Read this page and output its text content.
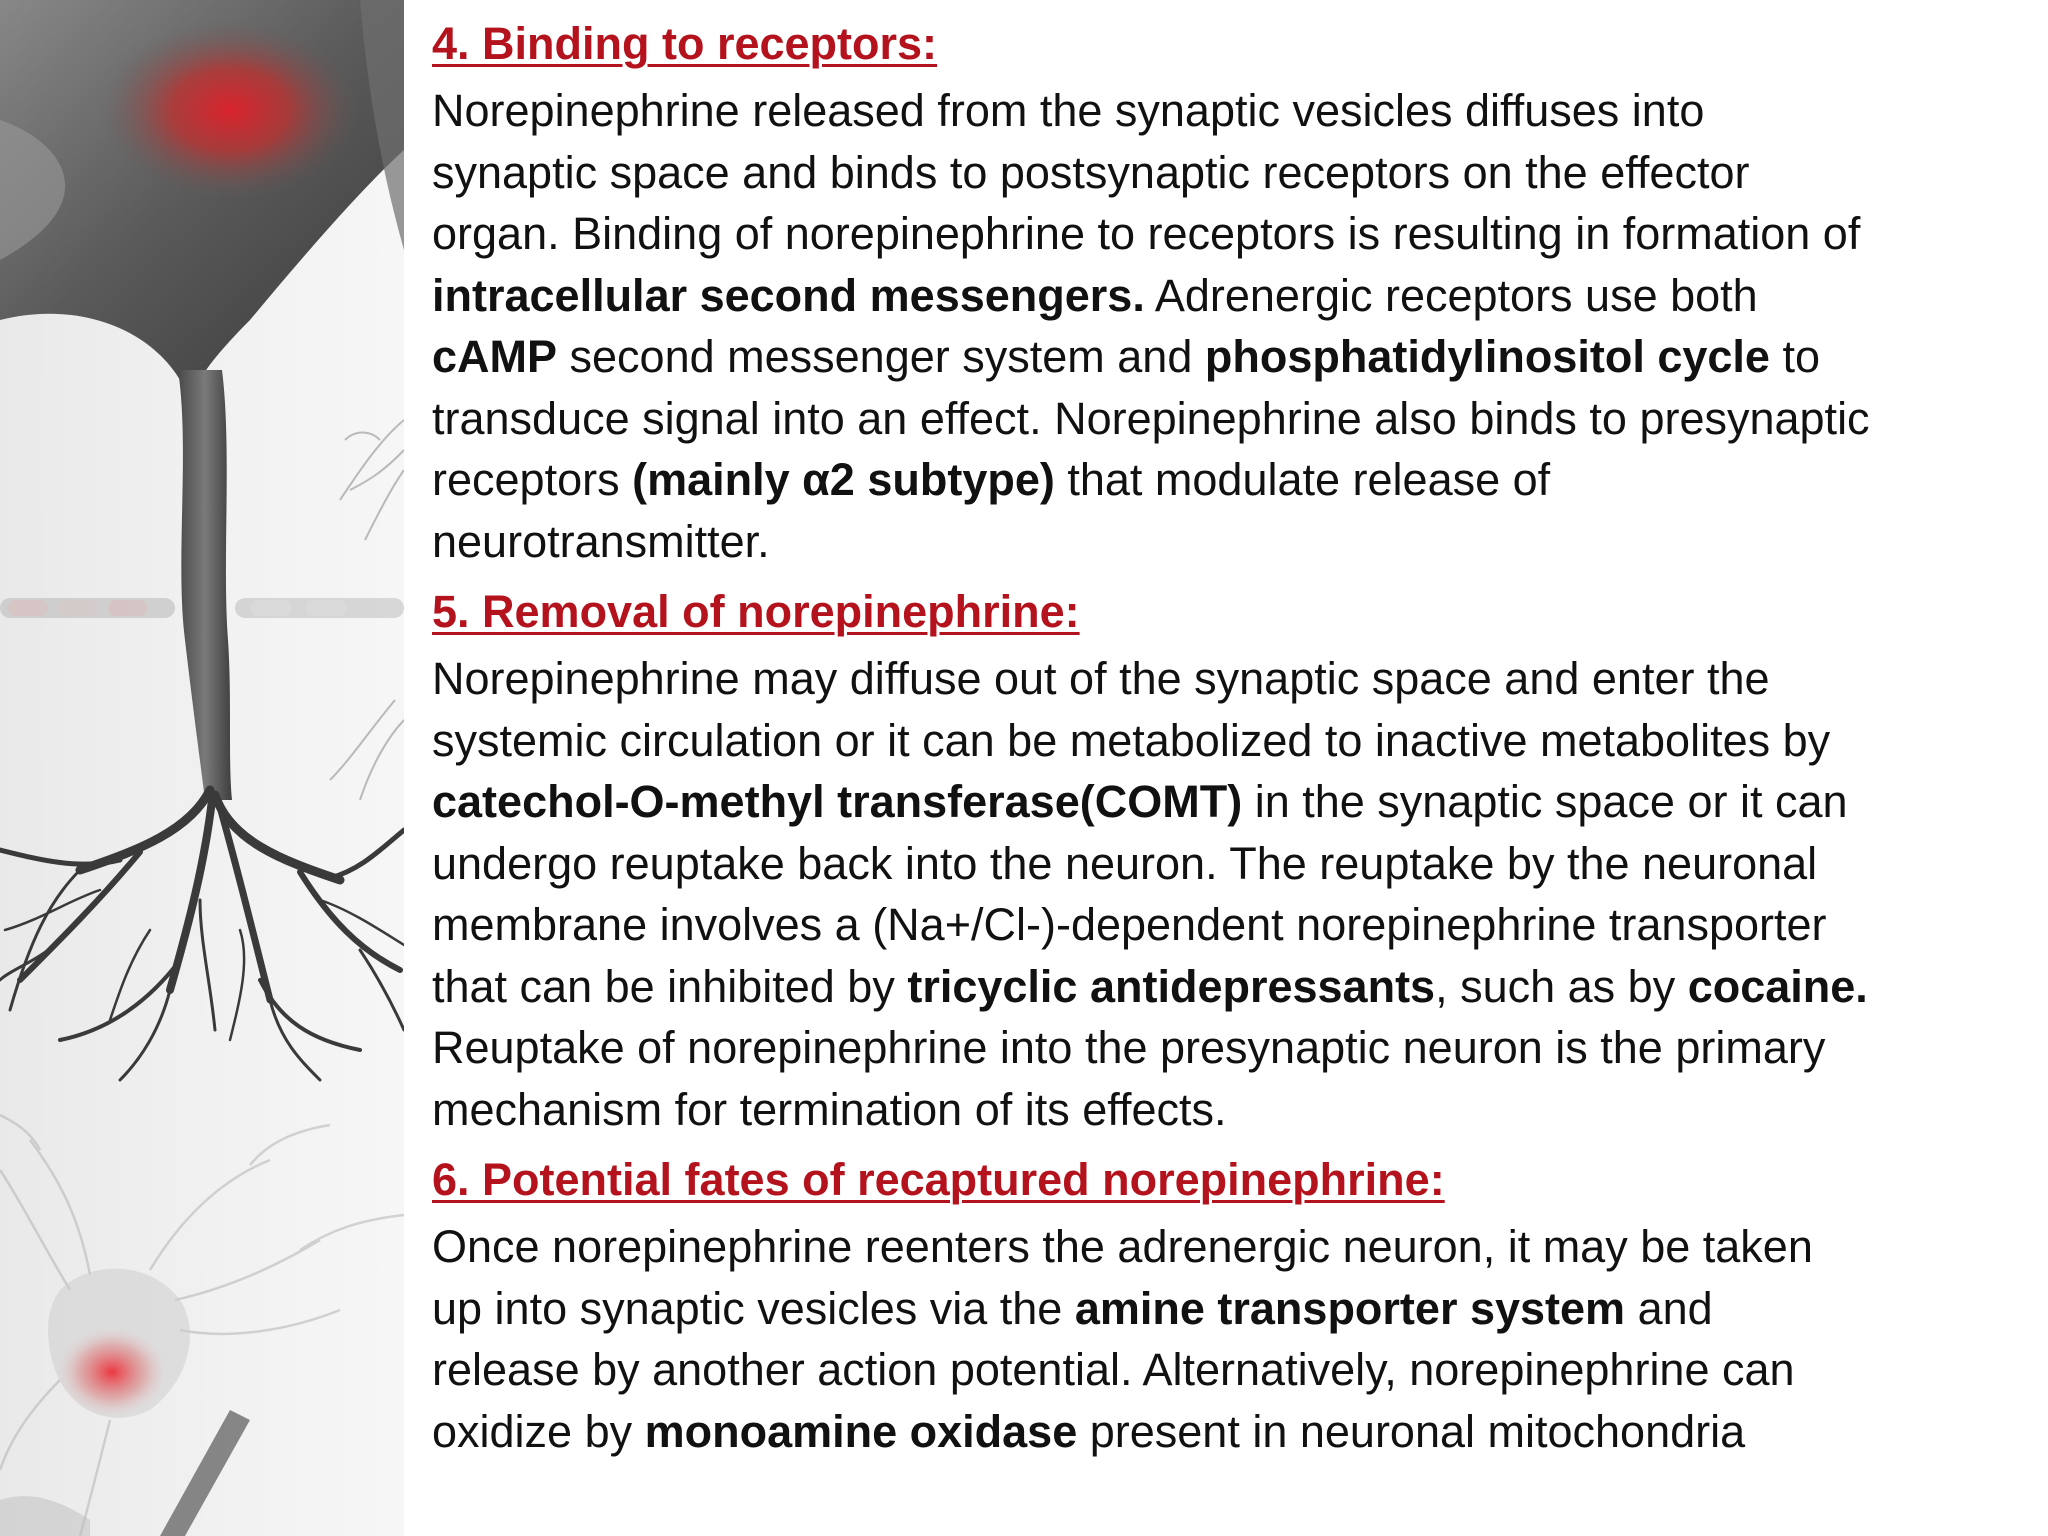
4. Binding to receptors:

Norepinephrine released from the synaptic vesicles diffuses into
synaptic space and binds to postsynaptic receptors on the effector
organ. Binding of norepinephrine to receptors is resulting in formation of
intracellular second messengers. Adrenergic receptors use both
cAMP second messenger system and phosphatidylinositol cycle to
transduce signal into an effect. Norepinephrine also binds to presynaptic
receptors (mainly α2 subtype) that modulate release of
neurotransmitter.

5. Removal of norepinephrine:

Norepinephrine may diffuse out of the synaptic space and enter the
systemic circulation or it can be metabolized to inactive metabolites by
catechol-O-methyl transferase(COMT) in the synaptic space or it can
undergo reuptake back into the neuron. The reuptake by the neuronal
membrane involves a (Na+/Cl-)-dependent norepinephrine transporter
that can be inhibited by tricyclic antidepressants, such as by cocaine.
Reuptake of norepinephrine into the presynaptic neuron is the primary
mechanism for termination of its effects.

6. Potential fates of recaptured norepinephrine:

Once norepinephrine reenters the adrenergic neuron, it may be taken
up into synaptic vesicles via the amine transporter system and
release by another action potential. Alternatively, norepinephrine can
oxidize by monoamine oxidase present in neuronal mitochondria
